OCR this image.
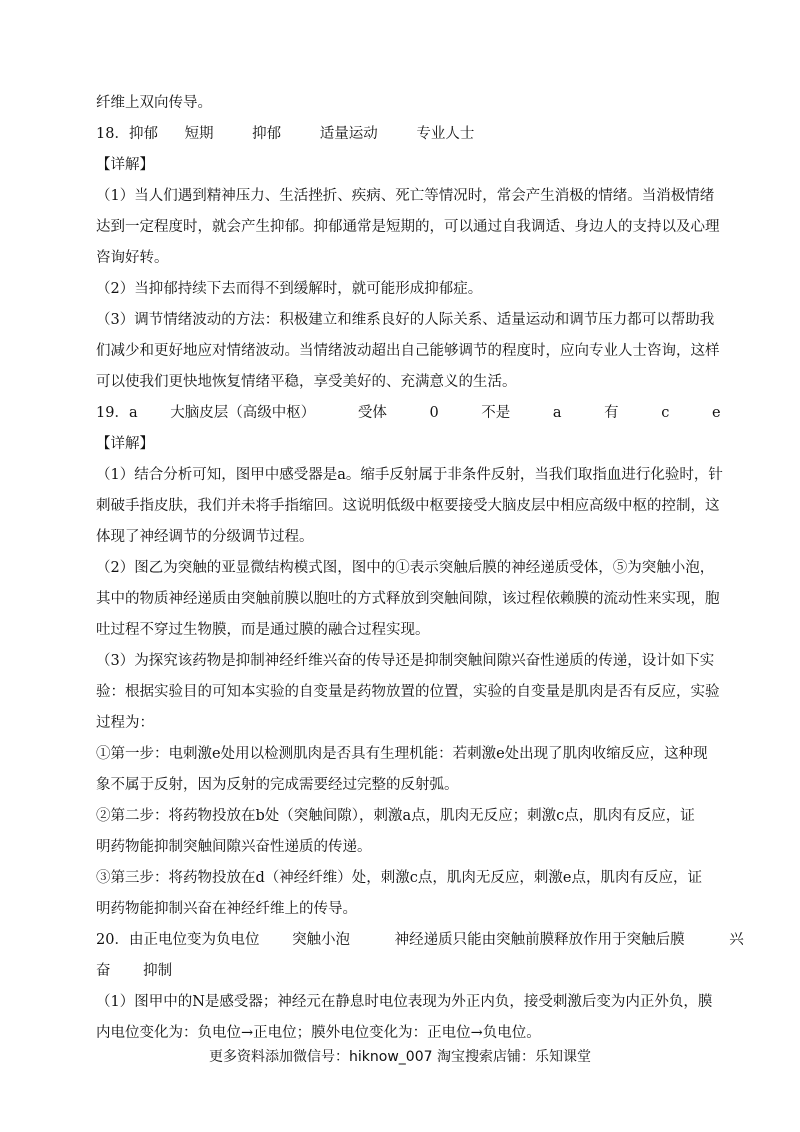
纤维上双向传导。
18．抑郁 短期	抑郁	适量运动	专业人士
【详解】
（1）当人们遇到精神压力、生活挫折、疾病、死亡等情况时，常会产生消极的情绪。当消极情绪
达到一定程度时，就会产生抑郁。抑郁通常是短期的，可以通过自我调适、身边人的支持以及心理
咨询好转。
（2）当抑郁持续下去而得不到缓解时，就可能形成抑郁症。
（3）调节情绪波动的方法：积极建立和维系良好的人际关系、适量运动和调节压力都可以帮助我
们减少和更好地应对情绪波动。当情绪波动超出自己能够调节的程度时，应向专业人士咨询，这样
可以使我们更快地恢复情绪平稳，享受美好的、充满意义的生活。
19．a 大脑皮层（高级中枢）	受体	0	不是	a	有	c	e
【详解】
（1）结合分析可知，图甲中感受器是a。缩手反射属于非条件反射，当我们取指血进行化验时，针
刺破手指皮肤，我们并未将手指缩回。这说明低级中枢要接受大脑皮层中相应高级中枢的控制，这
体现了神经调节的分级调节过程。
（2）图乙为突触的亚显微结构模式图，图中的①表示突触后膜的神经递质受体，⑤为突触小泡，
其中的物质神经递质由突触前膜以胞吐的方式释放到突触间隙，该过程依赖膜的流动性来实现，胞
吐过程不穿过生物膜，而是通过膜的融合过程实现。
（3）为探究该药物是抑制神经纤维兴奋的传导还是抑制突触间隙兴奋性递质的传递，设计如下实
验：根据实验目的可知本实验的自变量是药物放置的位置，实验的自变量是肌肉是否有反应，实验
过程为：
①第一步：电刺激e处用以检测肌肉是否具有生理机能：若刺激e处出现了肌肉收缩反应，这种现
象不属于反射，因为反射的完成需要经过完整的反射弧。
②第二步：将药物投放在b处（突触间隙），刺激a点，肌肉无反应；刺激c点，肌肉有反应，证
明药物能抑制突触间隙兴奋性递质的传递。
③第三步：将药物投放在d（神经纤维）处，刺激c点，肌肉无反应，刺激e点，肌肉有反应，证
明药物能抑制兴奋在神经纤维上的传导。
20．由正电位变为负电位 突触小泡	神经递质只能由突触前膜释放作用于突触后膜	兴
奋 抑制
（1）图甲中的N是感受器；神经元在静息时电位表现为外正内负，接受刺激后变为内正外负，膜
内电位变化为：负电位→正电位；膜外电位变化为：正电位→负电位。
更多资料添加微信号：hiknow_007 淘宝搜索店铺：乐知课堂
